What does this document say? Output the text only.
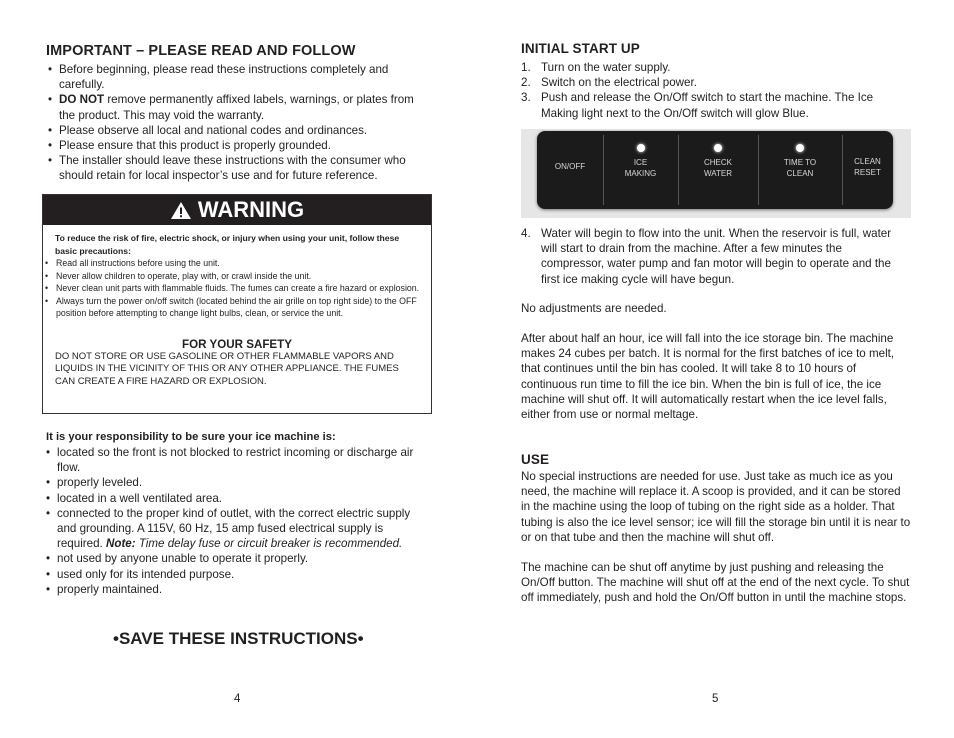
IMPORTANT – PLEASE READ AND FOLLOW
• Before beginning, please read these instructions completely and carefully.
• DO NOT remove permanently affixed labels, warnings, or plates from the product. This may void the warranty.
• Please observe all local and national codes and ordinances.
• Please ensure that this product is properly grounded.
• The installer should leave these instructions with the consumer who should retain for local inspector’s use and for future reference.
WARNING

To reduce the risk of fire, electric shock, or injury when using your unit, follow these basic precautions:

• Read all instructions before using the unit.
• Never allow children to operate, play with, or crawl inside the unit.
• Never clean unit parts with flammable fluids. The fumes can create a fire hazard or explosion.
• Always turn the power on/off switch (located behind the air grille on top right side) to the OFF position before attempting to change light bulbs, clean, or service the unit.
FOR YOUR SAFETY

DO NOT STORE OR USE GASOLINE OR OTHER FLAMMABLE VAPORS AND LIQUIDS IN THE VICINITY OF THIS OR ANY OTHER APPLIANCE. THE FUMES CAN CREATE A FIRE HAZARD OR EXPLOSION.

It is your responsibility to be sure your ice machine is:

• located so the front is not blocked to restrict incoming or discharge air flow.
• properly leveled.
• located in a well ventilated area.
• connected to the proper kind of outlet, with the correct electric supply and grounding. A 115V, 60 Hz, 15 amp fused electrical supply is required. Note: Time delay fuse or circuit breaker is recommended.
• not used by anyone unable to operate it properly.
• used only for its intended purpose.
• properly maintained.
•SAVE THESE INSTRUCTIONS•
4
INITIAL START UP
1. Turn on the water supply.
2. Switch on the electrical power.
3. Push and release the On/Off switch to start the machine. The Ice Making light next to the On/Off switch will glow Blue.
ON/OFF	ICE
MAKING
CHECK
WATER
TIME TO
CLEAN
CLEAN
RESET
4. Water will begin to flow into the unit. When the reservoir is full, water will start to drain from the machine. After a few minutes the compressor, water pump and fan motor will begin to operate and the first ice making cycle will have begun.

No adjustments are needed.

After about half an hour, ice will fall into the ice storage bin. The machine makes 24 cubes per batch. It is normal for the first batches of ice to melt, that continues until the bin has cooled. It will take 8 to 10 hours of continuous run time to fill the ice bin. When the bin is full of ice, the ice machine will shut off. It will automatically restart when the ice level falls, either from use or normal meltage.

USE

No special instructions are needed for use. Just take as much ice as you need, the machine will replace it. A scoop is provided, and it can be stored in the machine using the loop of tubing on the right side as a holder. That tubing is also the ice level sensor; ice will fill the storage bin until it is near to or on that tube and then the machine will shut off.

The machine can be shut off anytime by just pushing and releasing the On/Off button. The machine will shut off at the end of the next cycle. To shut off immediately, push and hold the On/Off button in until the machine stops.

5
